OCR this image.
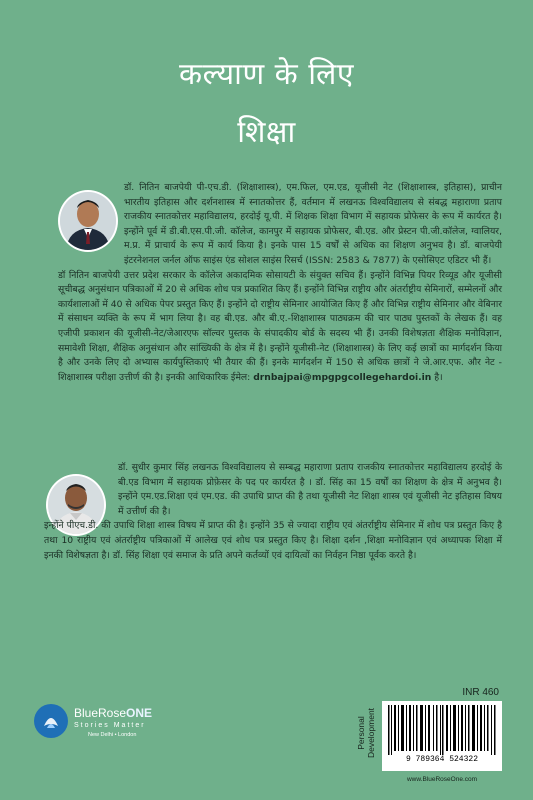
कल्याण के लिए
शिक्षा
डॉ. नितिन बाजपेयी पी-एच.डी. (शिक्षाशास्त्र), एम.फिल, एम.एड, यूजीसी नेट (शिक्षाशास्त्र, इतिहास), प्राचीन भारतीय इतिहास और दर्शनशास्त्र में स्नातकोत्तर हैं, वर्तमान में लखनऊ विश्वविद्यालय से संबद्ध महाराणा प्रताप राजकीय स्नातकोत्तर महाविद्यालय, हरदोई यू.पी. में शिक्षक शिक्षा विभाग में सहायक प्रोफेसर के रूप में कार्यरत है। इन्होंने पूर्व में डी.बी.एस.पी.जी. कॉलेज, कानपुर में सहायक प्रोफेसर, बी.एड. और प्रेस्टन पी.जी.कॉलेज, ग्वालियर, म.प्र. में प्राचार्य के रूप में कार्य किया है। इनके पास 15 वर्षों से अधिक का शिक्षण अनुभव है। डॉ. बाजपेयी इंटरनेशनल जर्नल ऑफ साइंस एंड सोशल साइंस रिसर्च (ISSN: 2583 & 7877) के एसोसिएट एडिटर भी हैं।
डॉ नितिन बाजपेयी उत्तर प्रदेश सरकार के कॉलेज अकादमिक सोसायटी के संयुक्त सचिव हैं। इन्होंने विभिन्न पियर रिव्यूड और यूजीसी सूचीबद्ध अनुसंधान पत्रिकाओं में 20 से अधिक शोध पत्र प्रकाशित किए हैं। इन्होंने विभिन्न राष्ट्रीय और अंतर्राष्ट्रीय सेमिनारों, सम्मेलनों और कार्यशालाओं में 40 से अधिक पेपर प्रस्तुत किए हैं। इन्होंने दो राष्ट्रीय सेमिनार आयोजित किए हैं और विभिन्न राष्ट्रीय सेमिनार और वेबिनार में संसाधन व्यक्ति के रूप में भाग लिया है। वह बी.एड. और बी.ए.-शिक्षाशास्त्र पाठ्यक्रम की चार पाठ्य पुस्तकों के लेखक हैं। वह एजीपी प्रकाशन की यूजीसी-नेट/जेआरएफ सॉल्वर पुस्तक के संपादकीय बोर्ड के सदस्य भी हैं। उनकी विशेषज्ञता शैक्षिक मनोविज्ञान, समावेशी शिक्षा, शैक्षिक अनुसंधान और सांख्यिकी के क्षेत्र में है। इन्होंने यूजीसी-नेट (शिक्षाशास्त्र) के लिए कई छात्रों का मार्गदर्शन किया है और उनके लिए दो अभ्यास कार्यपुस्तिकाएं भी तैयार की हैं। इनके मार्गदर्शन में 150 से अधिक छात्रों ने जे.आर.एफ. और नेट - शिक्षाशास्त्र परीक्षा उत्तीर्ण की है। इनकी आधिकारिक ईमेल: drnbajpai@mpgpgcollegehardoi.in है।
डॉ. सुधीर कुमार सिंह लखनऊ विश्वविद्यालय से सम्बद्ध महाराणा प्रताप राजकीय स्नातकोत्तर महाविद्यालय हरदोई के बी.एड विभाग में सहायक प्रोफ़ेसर के पद पर कार्यरत है । डॉ. सिंह का 15 वर्षों का शिक्षण के क्षेत्र में अनुभव है। इन्होंने एम.एड.शिक्षा एवं एम.एड. की उपाधि प्राप्त की है तथा यूजीसी नेट शिक्षा शास्त्र एवं यूजीसी नेट इतिहास विषय में उत्तीर्ण की है।
इन्होंने पीएच.डी. की उपाधि शिक्षा शास्त्र विषय में प्राप्त की है। इन्होंने 35 से ज्यादा राष्ट्रीय एवं अंतर्राष्ट्रीय सेमिनार में शोध पत्र प्रस्तुत किए है तथा 10 राष्ट्रीय एवं अंतर्राष्ट्रीय पत्रिकाओं में आलेख एवं शोध पत्र प्रस्तुत किए है। शिक्षा दर्शन ,शिक्षा मनोविज्ञान एवं अध्यापक शिक्षा में इनकी विशेषज्ञता है। डॉ. सिंह शिक्षा एवं समाज के प्रति अपने कर्तव्यों एवं दायित्वों का निर्वहन निष्ठा पूर्वक करते है।
INR 460
BlueRoseONE
Stories Matter
New Delhi • London	Personal Development
9 789364 524322
www.BlueRoseOne.com
